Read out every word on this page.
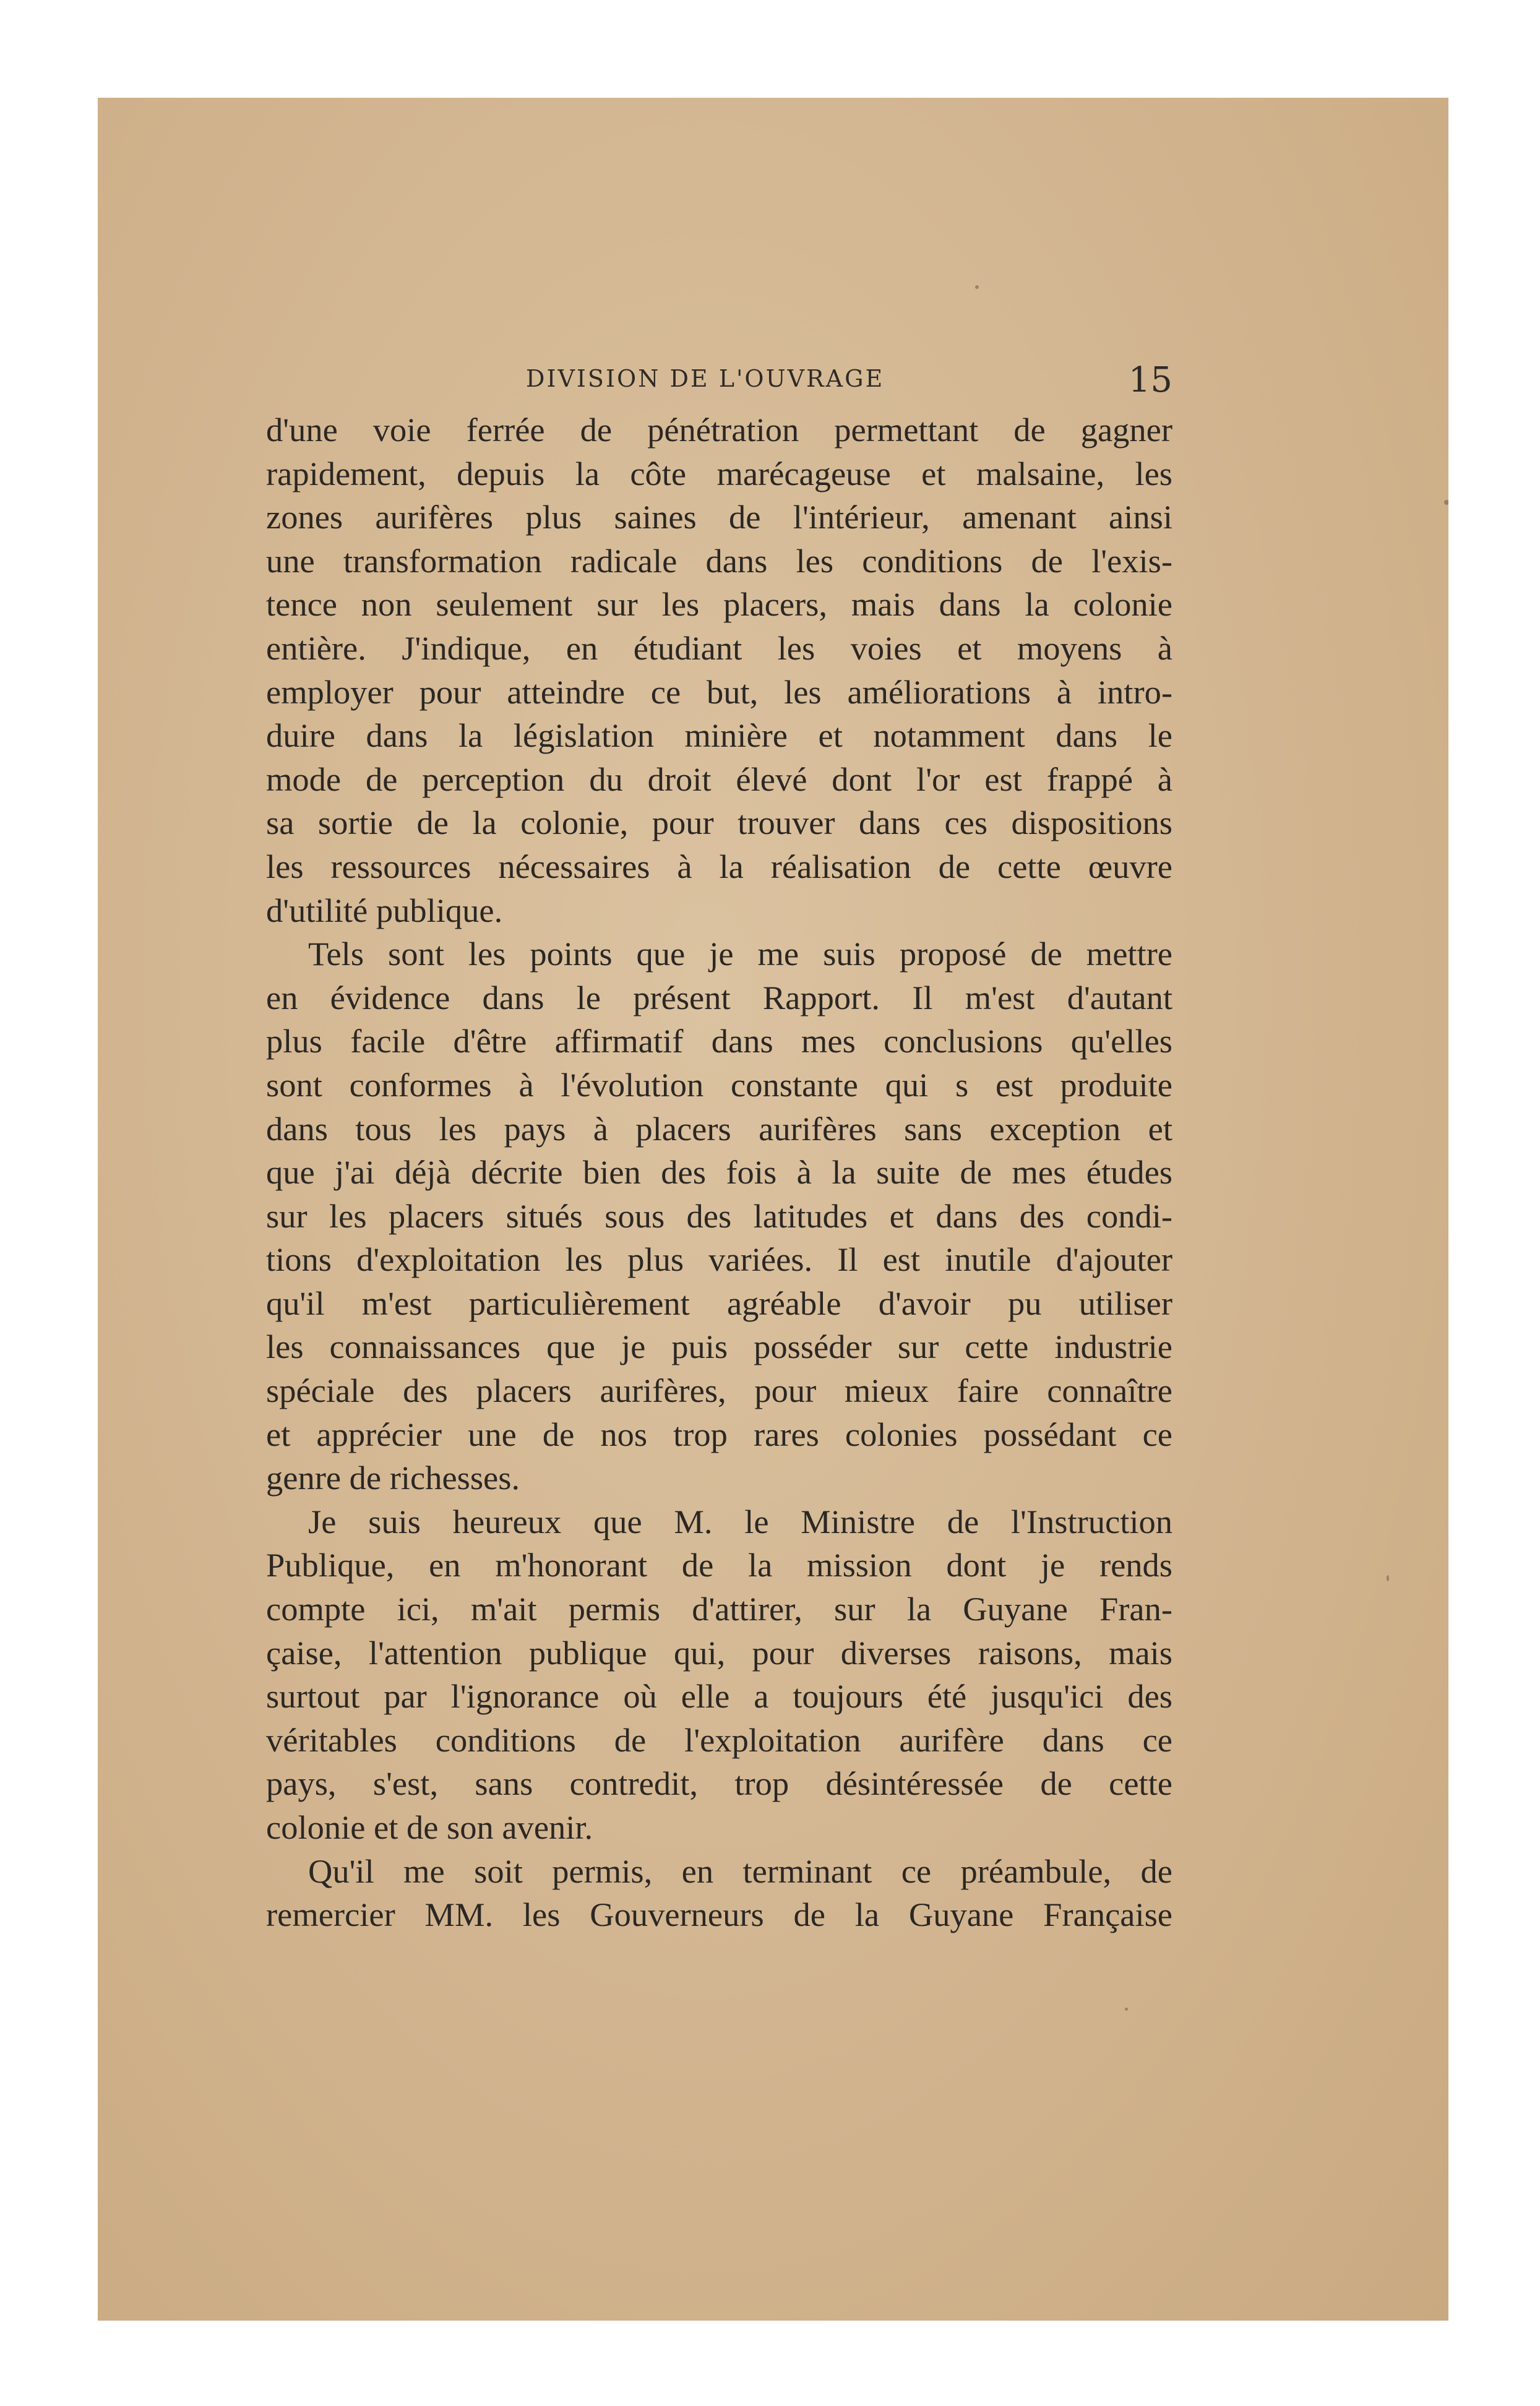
DIVISION DE L'OUVRAGE	15
d'une voie ferrée de pénétration permettant de gagner
rapidement, depuis la côte marécageuse et malsaine, les
zones aurifères plus saines de l'intérieur, amenant ainsi
une transformation radicale dans les conditions de l'exis-
tence non seulement sur les placers, mais dans la colonie
entière. J'indique, en étudiant les voies et moyens à
employer pour atteindre ce but, les améliorations à intro-
duire dans la législation minière et notamment dans le
mode de perception du droit élevé dont l'or est frappé à
sa sortie de la colonie, pour trouver dans ces dispositions
les ressources nécessaires à la réalisation de cette œuvre
d'utilité publique.
Tels sont les points que je me suis proposé de mettre
en évidence dans le présent Rapport. Il m'est d'autant
plus facile d'être affirmatif dans mes conclusions qu'elles
sont conformes à l'évolution constante qui s est produite
dans tous les pays à placers aurifères sans exception et
que j'ai déjà décrite bien des fois à la suite de mes études
sur les placers situés sous des latitudes et dans des condi-
tions d'exploitation les plus variées. Il est inutile d'ajouter
qu'il m'est particulièrement agréable d'avoir pu utiliser
les connaissances que je puis posséder sur cette industrie
spéciale des placers aurifères, pour mieux faire connaître
et apprécier une de nos trop rares colonies possédant ce
genre de richesses.
Je suis heureux que M. le Ministre de l'Instruction
Publique, en m'honorant de la mission dont je rends
compte ici, m'ait permis d'attirer, sur la Guyane Fran-
çaise, l'attention publique qui, pour diverses raisons, mais
surtout par l'ignorance où elle a toujours été jusqu'ici des
véritables conditions de l'exploitation aurifère dans ce
pays, s'est, sans contredit, trop désintéressée de cette
colonie et de son avenir.
Qu'il me soit permis, en terminant ce préambule, de
remercier MM. les Gouverneurs de la Guyane Française
